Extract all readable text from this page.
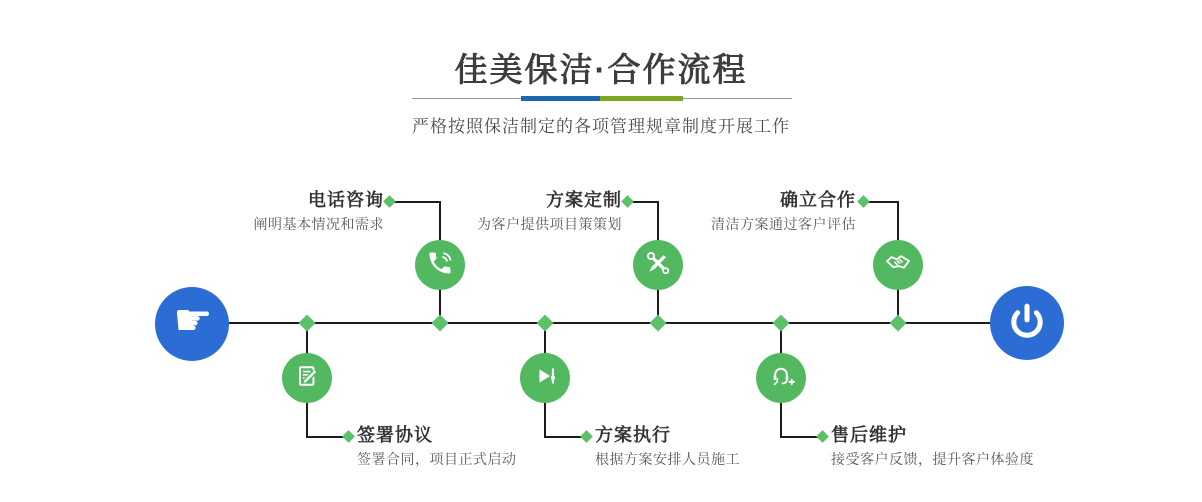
佳美保洁·合作流程
严格按照保洁制定的各项管理规章制度开展工作
☛
电话咨询
阐明基本情况和需求
方案定制
为客户提供项目策策划
确立合作
清洁方案通过客户评估
签署协议
签署合同，项目正式启动
方案执行
根据方案安排人员施工
售后维护
接受客户反馈，提升客户体验度
